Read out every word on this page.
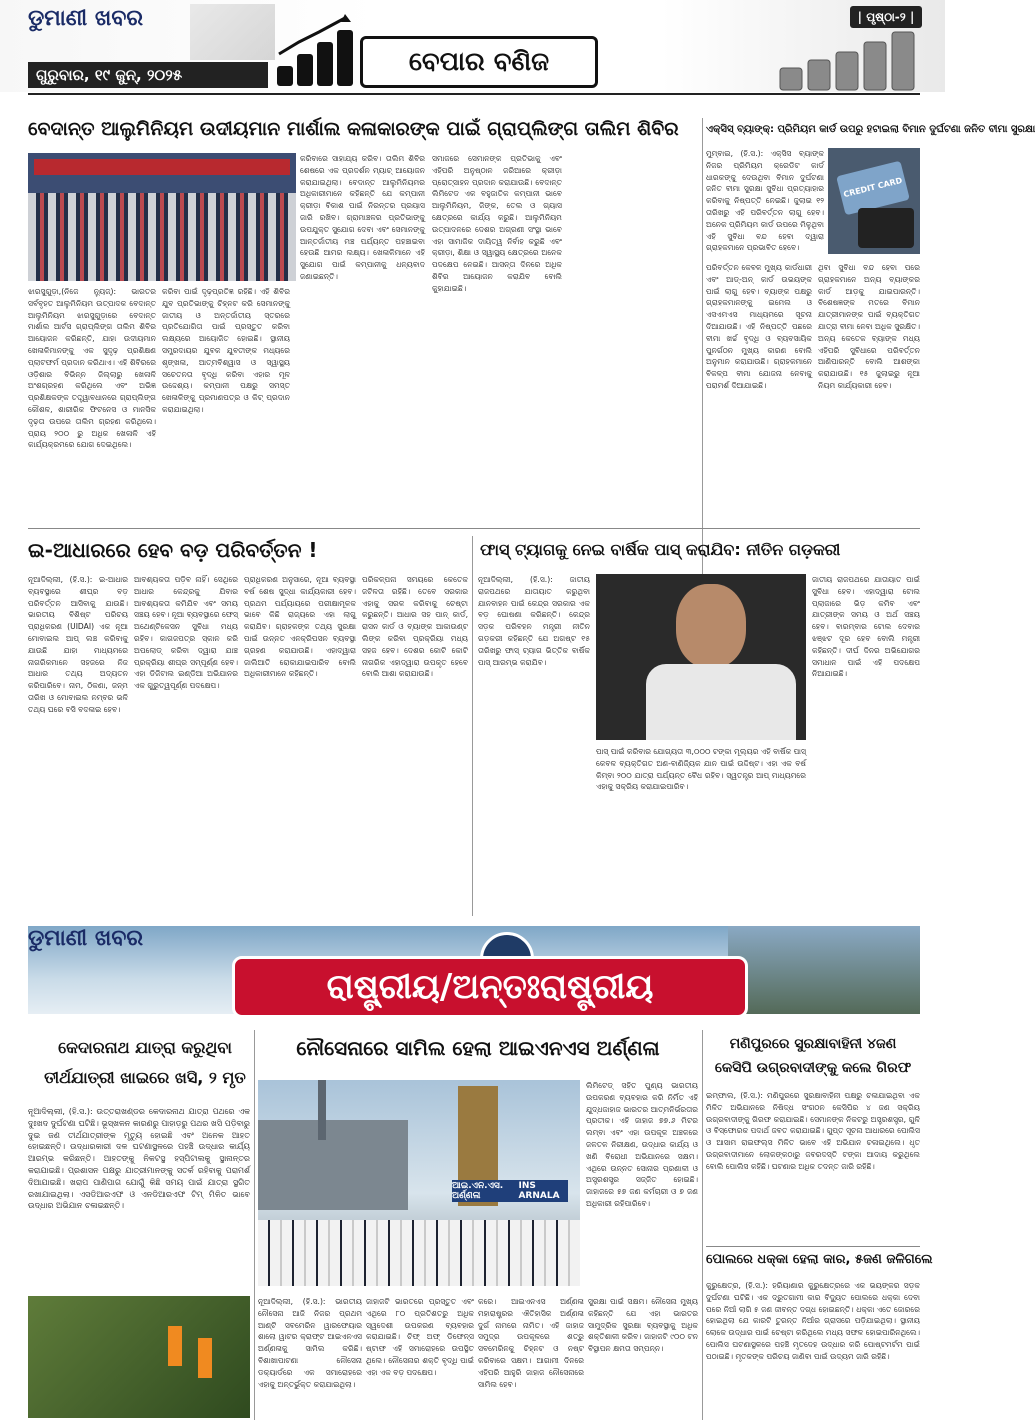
ଡୁମାଣୀ ଖବର
ଗୁରୁବାର, ୧୯ ଜୁନ୍, ୨୦୨୫	ବେପାର ବଣିଜ
| ପୃଷ୍ଠା-୨ |
ବେଦାନ୍ତ ଆଲୁମିନିୟମ ଉଦୀୟମାନ ମାର୍ଶାଲ କଳାକାରଙ୍କ ପାଇଁ ଗ୍ରାପ୍ଲିଙ୍ଗ ତାଲିମ ଶିବିର
ଝାରସୁଗୁଡ଼ା,(ନିଜେ ନ୍ୟୁଜ୍): ଭାରତର ସର୍ବବୃହତ ଆଲୁମିନିୟମ ଉତ୍ପାଦକ ବେଦାନ୍ତ ଆଲୁମିନିୟମ ଝାରସୁଗୁଡ଼ାରେ ବେଦାନ୍ତ ମାର୍ଶାଲ ଆର୍ଟସ ଗ୍ରାପ୍ଲିଙ୍ଗ ତାଲିମ ଶିବିର ଆୟୋଜନ କରିଛନ୍ତି, ଯାହା ଉଦୀୟମାନ ଖେଳାଳିମାନଙ୍କୁ ଏକ ସୁଦୃଢ଼ ପ୍ରଶିକ୍ଷଣ ପ୍ଲାଟଫର୍ମ ପ୍ରଦାନ କରିଥାଏ। ଏହି ଶିବିରରେ ଓଡ଼ିଶାର ବିଭିନ୍ନ ଜିଲ୍ଲାରୁ ଖେଳାଳି ଅଂଶଗ୍ରହଣ କରିଥିଲେ ଏବଂ ଅଭିଜ୍ଞ ପ୍ରଶିକ୍ଷକଙ୍କ ତତ୍ତ୍ୱାବଧାନରେ ଗ୍ରାପ୍ଲିଙ୍ଗ କୌଶଳ, ଶାରୀରିକ ଫିଟନେସ ଓ ମାନସିକ ଦୃଢ଼ତା ଉପରେ ତାଲିମ ଗ୍ରହଣ କରିଥିଲେ। ପ୍ରାୟ ୨୦୦ ରୁ ଅଧିକ ଖେଳାଳି ଏହି କାର୍ଯ୍ୟକ୍ରମରେ ଯୋଗ ଦେଇଥିଲେ।
କରିବା ପାଇଁ ଦୃଢ଼ପ୍ରତିଜ୍ଞ ରହିଛି। ଏହି ଶିବିର ଯୁବ ପ୍ରତିଭାଙ୍କୁ ଚିହ୍ନଟ କରି ସେମାନଙ୍କୁ ଜାତୀୟ ଓ ଅନ୍ତର୍ଜାତୀୟ ସ୍ତରରେ ପ୍ରତିଯୋଗିତା ପାଇଁ ପ୍ରସ୍ତୁତ କରିବା ଲକ୍ଷ୍ୟରେ ଆୟୋଜିତ ହୋଇଛି। ସ୍ଥାନୀୟ ସମ୍ପ୍ରଦାୟର ଯୁବକ ଯୁବତୀଙ୍କ ମଧ୍ୟରେ ଶୃଙ୍ଖଳା, ଆତ୍ମବିଶ୍ୱାସ ଓ ସ୍ୱାସ୍ଥ୍ୟ ସଚେତନତା ବୃଦ୍ଧି କରିବା ଏହାର ମୂଳ ଉଦ୍ଦେଶ୍ୟ। କମ୍ପାନୀ ପକ୍ଷରୁ ସମସ୍ତ ଖେଳାଳିଙ୍କୁ ପ୍ରମାଣପତ୍ର ଓ କିଟ୍ ପ୍ରଦାନ କରାଯାଇଥିଲା।
କରିବାରେ ସାହାଯ୍ୟ କରିବ। ତାଲିମ ଶିବିର ଶେଷରେ ଏକ ପ୍ରଦର୍ଶନ ମ୍ୟାଚ୍ ଆୟୋଜନ କରାଯାଇଥିଲା। ବେଦାନ୍ତ ଆଲୁମିନିୟମର ଅଧିକାରୀମାନେ କହିଛନ୍ତି ଯେ କମ୍ପାନୀ କ୍ରୀଡ଼ା ବିକାଶ ପାଇଁ ନିରନ୍ତର ପ୍ରୟାସ ଜାରି ରଖିବ। ଗ୍ରାମାଞ୍ଚଳର ପ୍ରତିଭାଙ୍କୁ ଉପଯୁକ୍ତ ସୁଯୋଗ ଦେବା ଏବଂ ସେମାନଙ୍କୁ ଆନ୍ତର୍ଜାତୀୟ ମଞ୍ଚ ପର୍ଯ୍ୟନ୍ତ ପହଞ୍ଚାଇବା ହେଉଛି ଆମର ଲକ୍ଷ୍ୟ। ଖେଳାଳିମାନେ ଏହି ସୁଯୋଗ ପାଇଁ କମ୍ପାନୀକୁ ଧନ୍ୟବାଦ ଜଣାଇଛନ୍ତି।
ସମାଜରେ ସେମାନଙ୍କ ପ୍ରତିଭାକୁ ଏବଂ ଏହିପରି ଅନୁଷ୍ଠାନ ଜରିଆରେ କ୍ରୀଡ଼ା ପ୍ରୋତ୍ସାହନ ପ୍ରଦାନ କରାଯାଉଛି। ବେଦାନ୍ତ ଲିମିଟେଡ ଏକ ବହୁଜାତିକ କମ୍ପାନୀ ଭାବେ ଆଲୁମିନିୟମ, ଜିଙ୍କ, ତେଲ ଓ ଗ୍ୟାସ କ୍ଷେତ୍ରରେ କାର୍ଯ୍ୟ କରୁଛି। ଆଲୁମିନିୟମ ଉତ୍ପାଦନରେ ଦେଶର ଅଗ୍ରଣୀ ସଂସ୍ଥା ଭାବେ ଏହା ସାମାଜିକ ଦାୟିତ୍ୱ ନିର୍ବାହ କରୁଛି ଏବଂ କ୍ରୀଡ଼ା, ଶିକ୍ଷା ଓ ସ୍ୱାସ୍ଥ୍ୟ କ୍ଷେତ୍ରରେ ଅନେକ ପଦକ୍ଷେପ ନେଇଛି। ଆସନ୍ତା ଦିନରେ ଅଧିକ ଶିବିର ଆୟୋଜନ କରାଯିବ ବୋଲି କୁହାଯାଇଛି।
ଏକ୍ସିସ୍ ବ୍ୟାଙ୍କ୍: ପ୍ରିମିୟମ କାର୍ଡ ଉପରୁ ହଟାଇଲା ବିମାନ ଦୁର୍ଘଟଣା ଜନିତ ବୀମା ସୁରକ୍ଷା
ମୁମ୍ବାଇ, (ହି.ସ.): ଏକ୍ସିସ ବ୍ୟାଙ୍କ ନିଜର ପ୍ରିମିୟମ କ୍ରେଡିଟ କାର୍ଡ ଧାରକଙ୍କୁ ଦେଉଥିବା ବିମାନ ଦୁର୍ଘଟଣା ଜନିତ ବୀମା ସୁରକ୍ଷା ସୁବିଧା ପ୍ରତ୍ୟାହାର କରିବାକୁ ନିଷ୍ପତ୍ତି ନେଇଛି। ଜୁଲାଇ ୧୨ ତାରିଖରୁ ଏହି ପରିବର୍ତ୍ତନ ଲାଗୁ ହେବ। ଅନେକ ପ୍ରିମିୟମ କାର୍ଡ ଉପରେ ମିଳୁଥିବା ଏହି ସୁବିଧା ବନ୍ଦ ହେବା ଦ୍ୱାରା ଗ୍ରାହକମାନେ ପ୍ରଭାବିତ ହେବେ।
CREDIT CARD
ପରିବର୍ତ୍ତନ କେବଳ ମୁଖ୍ୟ କାର୍ଡଧାରୀ ଏବଂ ଆଡ୍-ଅନ୍ କାର୍ଡ ଉଭୟଙ୍କ ପାଇଁ ଲାଗୁ ହେବ। ବ୍ୟାଙ୍କ ପକ୍ଷରୁ ଗ୍ରାହକମାନଙ୍କୁ ଇମେଲ ଓ ଏସଏମଏସ ମାଧ୍ୟମରେ ସୂଚନା ଦିଆଯାଉଛି। ଏହି ନିଷ୍ପତ୍ତି ପଛରେ ବୀମା ଖର୍ଚ୍ଚ ବୃଦ୍ଧି ଓ ବ୍ୟବସାୟିକ ପୁନର୍ଗଠନ ମୁଖ୍ୟ କାରଣ ବୋଲି ଅନୁମାନ କରାଯାଉଛି। ଗ୍ରାହକମାନେ ବିକଳ୍ପ ବୀମା ଯୋଜନା ନେବାକୁ ପରାମର୍ଶ ଦିଆଯାଇଛି।
ଥିବା ସୁବିଧା ବନ୍ଦ ହେବା ପରେ ଗ୍ରାହକମାନେ ଅନ୍ୟ ବ୍ୟାଙ୍କର କାର୍ଡ ଆଡ଼କୁ ଯାଇପାରନ୍ତି। ବିଶେଷଜ୍ଞଙ୍କ ମତରେ ବିମାନ ଯାତ୍ରୀମାନଙ୍କ ପାଇଁ ବ୍ୟକ୍ତିଗତ ଯାତ୍ରା ବୀମା ନେବା ଅଧିକ ସୁରକ୍ଷିତ। ଅନ୍ୟ କେତେକ ବ୍ୟାଙ୍କ ମଧ୍ୟ ଏହିପରି ସୁବିଧାରେ ପରିବର୍ତ୍ତନ ଆଣିପାରନ୍ତି ବୋଲି ଆଶଙ୍କା କରାଯାଉଛି। ୧୫ ଜୁଲାଇରୁ ନୂଆ ନିୟମ କାର୍ଯ୍ୟକାରୀ ହେବ।
ଇ-ଆଧାରରେ ହେବ ବଡ଼ ପରିବର୍ତ୍ତନ !
ନୂଆଦିଲ୍ଲୀ, (ହି.ସ.): ଇ-ଆଧାର ବ୍ୟବସ୍ଥାରେ ଶୀଘ୍ର ବଡ଼ ପରିବର୍ତ୍ତନ ଆସିବାକୁ ଯାଉଛି। ଭାରତୀୟ ବିଶିଷ୍ଟ ପରିଚୟ ପ୍ରାଧିକରଣ (UIDAI) ଏକ ନୂଆ ମୋବାଇଲ ଆପ୍ ଲଞ୍ଚ କରିବାକୁ ଯାଉଛି ଯାହା ମାଧ୍ୟମରେ ନାଗରିକମାନେ ସହଜରେ ନିଜ ଆଧାର ତଥ୍ୟ ଅଦ୍ୟତନ କରିପାରିବେ। ନାମ, ଠିକଣା, ଜନ୍ମ ତାରିଖ ଓ ମୋବାଇଲ ନମ୍ବର ଭଳି ତଥ୍ୟ ଘରେ ବସି ବଦଳାଇ ହେବ।
ଆବଶ୍ୟକତା ପଡ଼ିବ ନାହିଁ। ସେଥିରେ ଆଧାର କେନ୍ଦ୍ରକୁ ଯିବାର ଆବଶ୍ୟକତା କମିଯିବ ଏବଂ ସମୟ ସଞ୍ଚୟ ହେବ। ନୂଆ ବ୍ୟବସ୍ଥାରେ ଫେସ୍ ଅଥେଣ୍ଟିକେସନ ସୁବିଧା ମଧ୍ୟ ରହିବ। କାଗଜପତ୍ର ସ୍କାନ କରି ଅପଲୋଡ୍ କରିବା ଦ୍ୱାରା ଯାଞ୍ଚ ପ୍ରକ୍ରିୟା ଶୀଘ୍ର ସମ୍ପୂର୍ଣ୍ଣ ହେବ। ଏହା ଡିଜିଟାଲ ଇଣ୍ଡିଆ ଅଭିଯାନର ଏକ ଗୁରୁତ୍ୱପୂର୍ଣ୍ଣ ପଦକ୍ଷେପ।
ପ୍ରାଧିକରଣ ଅନୁସାରେ, ନୂଆ ବ୍ୟବସ୍ଥା ବର୍ଷ ଶେଷ ସୁଦ୍ଧା କାର୍ଯ୍ୟକାରୀ ହେବ। ପ୍ରଥମ ପର୍ଯ୍ୟାୟରେ ପରୀକ୍ଷାମୂଳକ ଭାବେ କିଛି ରାଜ୍ୟରେ ଏହା ଲାଗୁ କରାଯିବ। ଗ୍ରାହକଙ୍କ ତଥ୍ୟ ସୁରକ୍ଷା ପାଇଁ ଉନ୍ନତ ଏନକ୍ରିପସନ ବ୍ୟବସ୍ଥା ଗ୍ରହଣ କରାଯାଉଛି। ଏହାଦ୍ୱାରା ଜାଲିଆତି ରୋକାଯାଇପାରିବ ବୋଲି ଅଧିକାରୀମାନେ କହିଛନ୍ତି।
ପରିକଳ୍ପନା ସମୟରେ କେତେକ ଜଟିଳତା ରହିଛି। ତେବେ ସରକାର ଏହାକୁ ସରଳ କରିବାକୁ ଚେଷ୍ଟା କରୁଛନ୍ତି। ଆଧାର ସହ ପାନ୍ କାର୍ଡ, ରାସନ କାର୍ଡ ଓ ବ୍ୟାଙ୍କ ଆକାଉଣ୍ଟ ଲିଙ୍କ କରିବା ପ୍ରକ୍ରିୟା ମଧ୍ୟ ସହଜ ହେବ। ଦେଶର କୋଟି କୋଟି ନାଗରିକ ଏହାଦ୍ୱାରା ଉପକୃତ ହେବେ ବୋଲି ଆଶା କରାଯାଉଛି।
ଫାସ୍ ଟ୍ୟାଗକୁ ନେଇ ବାର୍ଷିକ ପାସ୍ କରାଯିବ: ନୀତିନ ଗଡ଼କରୀ
ନୂଆଦିଲ୍ଲୀ, (ହି.ସ.): ଜାତୀୟ ରାଜପଥରେ ଯାତାୟାତ କରୁଥିବା ଯାନବାହନ ପାଇଁ କେନ୍ଦ୍ର ସରକାର ଏକ ବଡ଼ ଘୋଷଣା କରିଛନ୍ତି। କେନ୍ଦ୍ର ସଡ଼କ ପରିବହନ ମନ୍ତ୍ରୀ ନୀତିନ ଗଡ଼କରୀ କହିଛନ୍ତି ଯେ ଅଗଷ୍ଟ ୧୫ ତାରିଖରୁ ଫାସ୍ ଟ୍ୟାଗ ଭିତ୍ତିକ ବାର୍ଷିକ ପାସ୍ ଆରମ୍ଭ କରାଯିବ।
ପାସ୍ ପାଇଁ କରିବାର ଯୋଗ୍ୟତା ୩,୦୦୦ ଟଙ୍କା ମୂଲ୍ୟର ଏହି ବାର୍ଷିକ ପାସ୍ କେବଳ ବ୍ୟକ୍ତିଗତ ଅଣ-ବାଣିଜ୍ୟିକ ଯାନ ପାଇଁ ଉଦ୍ଦିଷ୍ଟ। ଏହା ଏକ ବର୍ଷ କିମ୍ବା ୨୦୦ ଯାତ୍ରା ପର୍ଯ୍ୟନ୍ତ ବୈଧ ରହିବ। ସ୍ୱତନ୍ତ୍ର ଆପ୍ ମାଧ୍ୟମରେ ଏହାକୁ ସକ୍ରିୟ କରାଯାଇପାରିବ।
ଜାତୀୟ ରାଜପଥରେ ଯାତାୟାତ ପାଇଁ ସୁବିଧା ହେବ। ଏହାଦ୍ୱାରା ଟୋଲ ପ୍ଲାଜାରେ ଭିଡ଼ କମିବ ଏବଂ ଯାତ୍ରୀଙ୍କ ସମୟ ଓ ଅର୍ଥ ସଞ୍ଚୟ ହେବ। ବାରମ୍ବାର ଟୋଲ ଦେବାର ଝଞ୍ଝଟ ଦୂର ହେବ ବୋଲି ମନ୍ତ୍ରୀ କହିଛନ୍ତି। ଦୀର୍ଘ ଦିନର ଅଭିଯୋଗର ସମାଧାନ ପାଇଁ ଏହି ପଦକ୍ଷେପ ନିଆଯାଇଛି।
ଡୁମାଣୀ ଖବର
ରାଷ୍ଟ୍ରୀୟ/ଅନ୍ତଃରାଷ୍ଟ୍ରୀୟ
କେଦାରନାଥ ଯାତ୍ରା କରୁଥିବା
ତୀର୍ଥଯାତ୍ରୀ ଖାଇରେ ଖସି, ୨ ମୃତ
ନୂଆଦିଲ୍ଲୀ, (ହି.ସ.): ଉତ୍ତରାଖଣ୍ଡର କେଦାରନାଥ ଯାତ୍ରା ପଥରେ ଏକ ଦୁଃଖଦ ଦୁର୍ଘଟଣା ଘଟିଛି। ଭୂସ୍ଖଳନ କାରଣରୁ ପାହାଡ଼ରୁ ପଥର ଖସି ପଡ଼ିବାରୁ ଦୁଇ ଜଣ ତୀର୍ଥଯାତ୍ରୀଙ୍କ ମୃତ୍ୟୁ ହୋଇଛି ଏବଂ ଅନେକ ଆହତ ହୋଇଛନ୍ତି। ଉଦ୍ଧାରକାରୀ ଦଳ ଘଟଣାସ୍ଥଳରେ ପହଞ୍ଚି ଉଦ୍ଧାର କାର୍ଯ୍ୟ ଆରମ୍ଭ କରିଛନ୍ତି। ଆହତଙ୍କୁ ନିକଟସ୍ଥ ହସ୍ପିଟାଲକୁ ସ୍ଥାନାନ୍ତର କରାଯାଇଛି। ପ୍ରଶାସନ ପକ୍ଷରୁ ଯାତ୍ରୀମାନଙ୍କୁ ସତର୍କ ରହିବାକୁ ପରାମର୍ଶ ଦିଆଯାଇଛି। ଖରାପ ପାଣିପାଗ ଯୋଗୁଁ କିଛି ସମୟ ପାଇଁ ଯାତ୍ରା ସ୍ଥଗିତ ରଖାଯାଇଥିଲା। ଏସଡିଆରଏଫ ଓ ଏନଡିଆରଏଫ ଟିମ୍ ମିଳିତ ଭାବେ ଉଦ୍ଧାର ଅଭିଯାନ ଚଳାଇଛନ୍ତି।
ନୌସେନାରେ ସାମିଲ ହେଲା ଆଇଏନଏସ ଅର୍ଣ୍ଣଳା
ଆଇ.ଏନ.ଏସ. ଅର୍ଣ୍ଣଳା
INS ARNALA
ଲିମିଟେଡ୍ ସହିତ ପୁଣ୍ୟ ଭାରତୀୟ ଉପକରଣ ବ୍ୟବହାର କରି ନିର୍ମିତ ଏହି ଯୁଦ୍ଧଜାହାଜ ଭାରତର ଆତ୍ମନିର୍ଭରତାର ପ୍ରତୀକ। ଏହି ଜାହାଜ ୭୭.୬ ମିଟର ଲମ୍ବା ଏବଂ ଏହା ଉପକୂଳ ଅଞ୍ଚଳରେ ଜଳତଳ ନିରୀକ୍ଷଣ, ଉଦ୍ଧାର କାର୍ଯ୍ୟ ଓ ଖଣି ବିରୋଧୀ ଅଭିଯାନରେ ସକ୍ଷମ। ଏଥିରେ ଉନ୍ନତ ସୋନାର ପ୍ରଣାଳୀ ଓ ଅସ୍ତ୍ରଶସ୍ତ୍ର ସଜ୍ଜିତ ହୋଇଛି। ଜାହାଜରେ ୫୭ ଜଣ କର୍ମଚାରୀ ଓ ୭ ଜଣ ଅଧିକାରୀ ରହିପାରିବେ।
ନୂଆଦିଲ୍ଲୀ, (ହି.ସ.): ଭାରତୀୟ ନୌସେନା ଆଜି ନିଜର ପ୍ରଥମ ଆଣ୍ଟି ସବମେରିନ ୱାରଫେୟାର ଶାଲୋ ୱାଟର କ୍ରାଫ୍ଟ ଆଇଏନଏସ ଅର୍ଣ୍ଣଳାକୁ ସାମିଲ କରିଛି। ବିଶାଖାପାଟଣା ନୌସେନା ଡକ୍ୟାର୍ଡରେ ଏକ ସମାରୋହରେ ଏହାକୁ ଅନ୍ତର୍ଭୁକ୍ତ କରାଯାଇଥିଲା।
ଜାହାଜଟି ଭାରତରେ ପ୍ରସ୍ତୁତ ଏବଂ ଏଥିରେ ୮୦ ପ୍ରତିଶତରୁ ଅଧିକ ସ୍ୱଦେଶୀ ଉପକରଣ ବ୍ୟବହାର କରାଯାଇଛି। ଚିଫ୍ ଅଫ୍ ଡିଫେନ୍ସ ଷ୍ଟାଫ ଏହି ସମାରୋହରେ ଉପସ୍ଥିତ ଥିଲେ। ନୌସେନାର ଶକ୍ତି ବୃଦ୍ଧି ପାଇଁ ଏହା ଏକ ବଡ଼ ପଦକ୍ଷେପ।
କରେ। ଆଇଏନଏସ ଅର୍ଣ୍ଣଳା ମହାରାଷ୍ଟ୍ରର ଐତିହାସିକ ଅର୍ଣ୍ଣଳା ଦୁର୍ଗ ନାମରେ ନାମିତ। ଏହି ଜାହାଜ ସମୁଦ୍ର ଉପକୂଳରେ ଶତ୍ରୁ ସବମେରିନକୁ ଚିହ୍ନଟ ଓ ନଷ୍ଟ କରିବାରେ ସକ୍ଷମ। ଆଗାମୀ ଦିନରେ ଏହିପରି ଆହୁରି ଜାହାଜ ନୌସେନାରେ ସାମିଲ ହେବ।
ସୁରକ୍ଷା ପାଇଁ ସକ୍ଷମ। ନୌସେନା ମୁଖ୍ୟ କହିଛନ୍ତି ଯେ ଏହା ଭାରତର ସାମୁଦ୍ରିକ ସୁରକ୍ଷା ବ୍ୟବସ୍ଥାକୁ ଅଧିକ ଶକ୍ତିଶାଳୀ କରିବ। ଜାହାଜଟି ୯୦୦ ଟନ ବିସ୍ଥାପନ କ୍ଷମତା ସମ୍ପନ୍ନ।
ମଣିପୁରରେ ସୁରକ୍ଷାବାହିନୀ ୪ଜଣ
କେସିପି ଉଗ୍ରବାଦୀଙ୍କୁ କଲେ ଗିରଫ
ଇମ୍ଫାଲ, (ହି.ସ.): ମଣିପୁରରେ ସୁରକ୍ଷାବାହିନୀ ପକ୍ଷରୁ ଚଳାଯାଇଥିବା ଏକ ମିଳିତ ଅଭିଯାନରେ ନିଷିଦ୍ଧ ସଂଗଠନ କେସିପିର ୪ ଜଣ ସକ୍ରିୟ ଉଗ୍ରବାଦୀଙ୍କୁ ଗିରଫ କରାଯାଇଛି। ସେମାନଙ୍କ ନିକଟରୁ ଅସ୍ତ୍ରଶସ୍ତ୍ର, ଗୁଳି ଓ ବିସ୍ଫୋରକ ପଦାର୍ଥ ଜବତ କରାଯାଇଛି। ଗୁପ୍ତ ସୂଚନା ଆଧାରରେ ପୋଲିସ ଓ ଆସାମ ରାଇଫଲ୍ସ ମିଳିତ ଭାବେ ଏହି ଅଭିଯାନ ଚଳାଇଥିଲେ। ଧୃତ ଉଗ୍ରବାଦୀମାନେ ଲୋକଙ୍କଠାରୁ ଜବରଦସ୍ତି ଟଙ୍କା ଆଦାୟ କରୁଥିଲେ ବୋଲି ପୋଲିସ କହିଛି। ଘଟଣାର ଅଧିକ ତଦନ୍ତ ଜାରି ରହିଛି।
ପୋଲରେ ଧକ୍କା ହେଲା କାର, ୫ଜଣ ଜଳିଗଲେ
କୁରୁକ୍ଷେତ୍ର, (ହି.ସ.): ହରିୟାଣାର କୁରୁକ୍ଷେତ୍ରରେ ଏକ ଭୟଙ୍କର ସଡ଼କ ଦୁର୍ଘଟଣା ଘଟିଛି। ଏକ ଦ୍ରୁତଗାମୀ କାର ବିଦ୍ୟୁତ ପୋଲରେ ଧକ୍କା ଦେବା ପରେ ନିଆଁ ଲାଗି ୫ ଜଣ ଜୀବନ୍ତ ଦଗ୍ଧ ହୋଇଛନ୍ତି। ଧକ୍କା ଏତେ ଜୋରରେ ହୋଇଥିଲା ଯେ କାରଟି ତୁରନ୍ତ ନିଆଁର ଗ୍ରାସରେ ପଡ଼ିଯାଇଥିଲା। ସ୍ଥାନୀୟ ଲୋକେ ଉଦ୍ଧାର ପାଇଁ ଚେଷ୍ଟା କରିଥିଲେ ମଧ୍ୟ ସଫଳ ହୋଇପାରିନଥିଲେ। ପୋଲିସ ଘଟଣାସ୍ଥଳରେ ପହଞ୍ଚି ମୃତଦେହ ଉଦ୍ଧାର କରି ପୋଷ୍ଟମର୍ଟମ ପାଇଁ ପଠାଇଛି। ମୃତକଙ୍କ ପରିଚୟ ଜାଣିବା ପାଇଁ ଉଦ୍ୟମ ଜାରି ରହିଛି।
